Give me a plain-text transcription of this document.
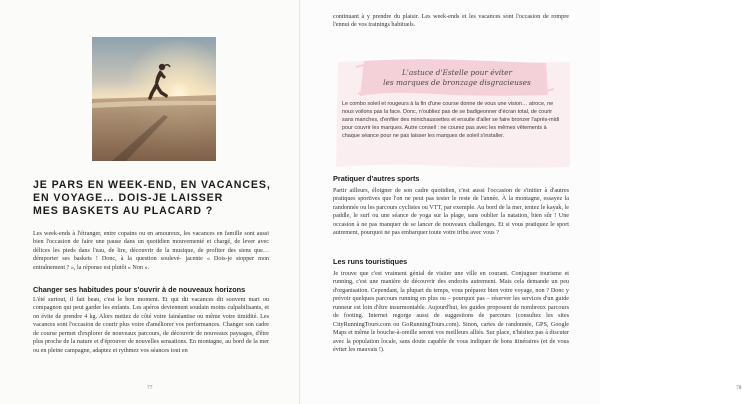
JE PARS EN WEEK-END, EN VACANCES,
EN VOYAGE… DOIS-JE LAISSER
MES BASKETS AU PLACARD ?

Les week-ends à l'étranger, entre copains ou en amoureux, les vacances en famille sont aussi bien l'occasion de faire une pause dans un quotidien mouvementé et chargé, de lever avec délices les pieds dans l'eau, de lire, découvrir de la musique, de profiter des siens que… démporter ses baskets ! Donc, à la question soulevé- jacente « Dois-je stopper mon entraînement ? », la réponse est plutôt « Non ».

Changer ses habitudes pour s'ouvrir à de nouveaux horizons

L'été surtout, il fait beau, c'est le bon moment. Et qui dit vacances dit souvent mari ou compagnon qui peut garder les enfants. Les apéros deviennent soudain moins culpabilisants, et on évite de prendre 4 kg. Alors mettez de côté votre fainéantise ou même votre timidité. Les vacances sont l'occasion de courir plus voire d'améliorer vos performances. Changer son cadre de course permet d'explorer de nouveaux parcours, de découvrir de nouveaux paysages, d'être plus proche de la nature et d'éprouver de nouvelles sensations. En montagne, au bord de la mer ou en pleine campagne, adaptez et rythmez vos séances tout en

77

continuant à y prendre du plaisir. Les week-ends et les vacances sont l'occasion de rompre l'ennui de vos trainings habituels.

L'astuce d'Estelle pour éviter
les marques de bronzage disgracieuses

Le combo soleil et rougeurs à la fin d'une course donne de vous une vision… atroce, ne nous voilons pas la face. Donc, n'oubliez pas de se badigeonner d'écran total, de courir sans manches, d'enfiler des minichaussettes et ensuite d'aller se faire bronzer l'après-midi pour couvrir les marques. Autre conseil : ne courez pas avec les mêmes vêtements à chaque séance pour ne pas laisser les marques de soleil s'installer.

Pratiquer d'autres sports

Partir ailleurs, éloigner de son cadre quotidien, c'est aussi l'occasion de s'initier à d'autres pratiques sportives que l'on ne peut pas tester le reste de l'année. À la montagne, essayez la randonnée ou les parcours cyclistes ou VTT, par exemple. Au bord de la mer, tentez le kayak, le paddle, le surf ou une séance de yoga sur la plage, sans oublier la natation, bien sûr ! Une occasion à ne pas manquer de se lancer de nouveaux challenges. Et si vous pratiquez le sport autrement, pourquoi ne pas embarquer toute votre tribu avec vous ?

Les runs touristiques

Je trouve que c'est vraiment génial de visiter une ville en courant. Conjuguer tourisme et running, c'est une manière de découvrir des endroits autrement. Mais cela demande un peu d'organisation. Cependant, la plupart du temps, vous préparez bien votre voyage, non ? Donc y prévoir quelques parcours running en plus ou – pourquoi pas – réserver les services d'un guide runneur est loin d'être insurmontable. Aujourd'hui, les guides proposent de nombreux parcours de footing. Internet regorge aussi de suggestions de parcours (consultez les sites CityRunningTours.com ou GoRunningTours.com). Sinon, cartes de randonnée, GPS, Google Maps et même le bouche-à-oreille seront vos meilleurs alliés. Sur place, n'hésitez pas à discuter avec la population locale, sans doute capable de vous indiquer de bons itinéraires (et de vous éviter les mauvais !).

78
